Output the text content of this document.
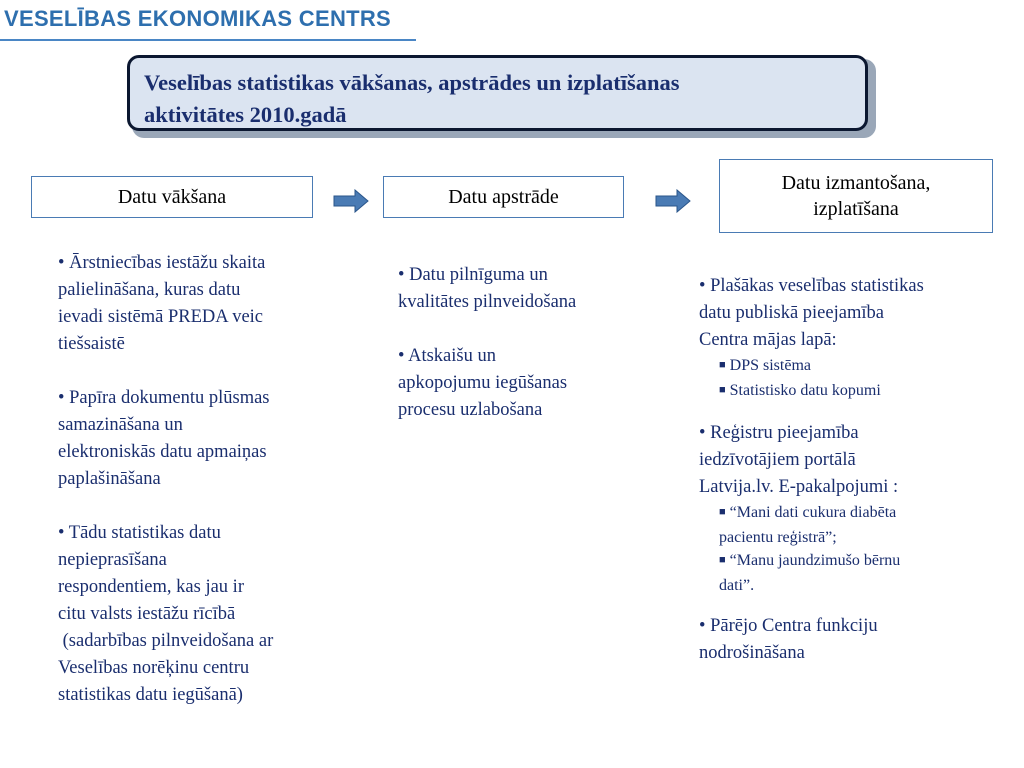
VESELĪBAS EKONOMIKAS CENTRS
Veselības statistikas vākšanas, apstrādes un izplatīšanas
aktivitātes 2010.gadā
Datu vākšana	Datu apstrāde
Datu izmantošana,
izplatīšana

• Ārstniecības iestāžu skaita

palielināšana, kuras datu

ievadi sistēmā PREDA veic

tiešsaistē

• Papīra dokumentu plūsmas

samazināšana un

elektroniskās datu apmaiņas

paplašināšana

• Tādu statistikas datu

nepieprasīšana

respondentiem, kas jau ir

citu valsts iestāžu rīcībā

(sadarbības pilnveidošana ar

Veselības norēķinu centru

statistikas datu iegūšanā)

• Datu pilnīguma un

kvalitātes pilnveidošana

• Atskaišu un

apkopojumu iegūšanas

procesu uzlabošana

• Plašākas veselības statistikas

datu publiskā pieejamība

Centra mājas lapā:

■ DPS sistēma

■ Statistisko datu kopumi

• Reģistru pieejamība

iedzīvotājiem portālā

Latvija.lv. E-pakalpojumi :

■ “Mani dati cukura diabēta

pacientu reģistrā”;

■ “Manu jaundzimušo bērnu

dati”.

• Pārējo Centra funkciju

nodrošināšana
